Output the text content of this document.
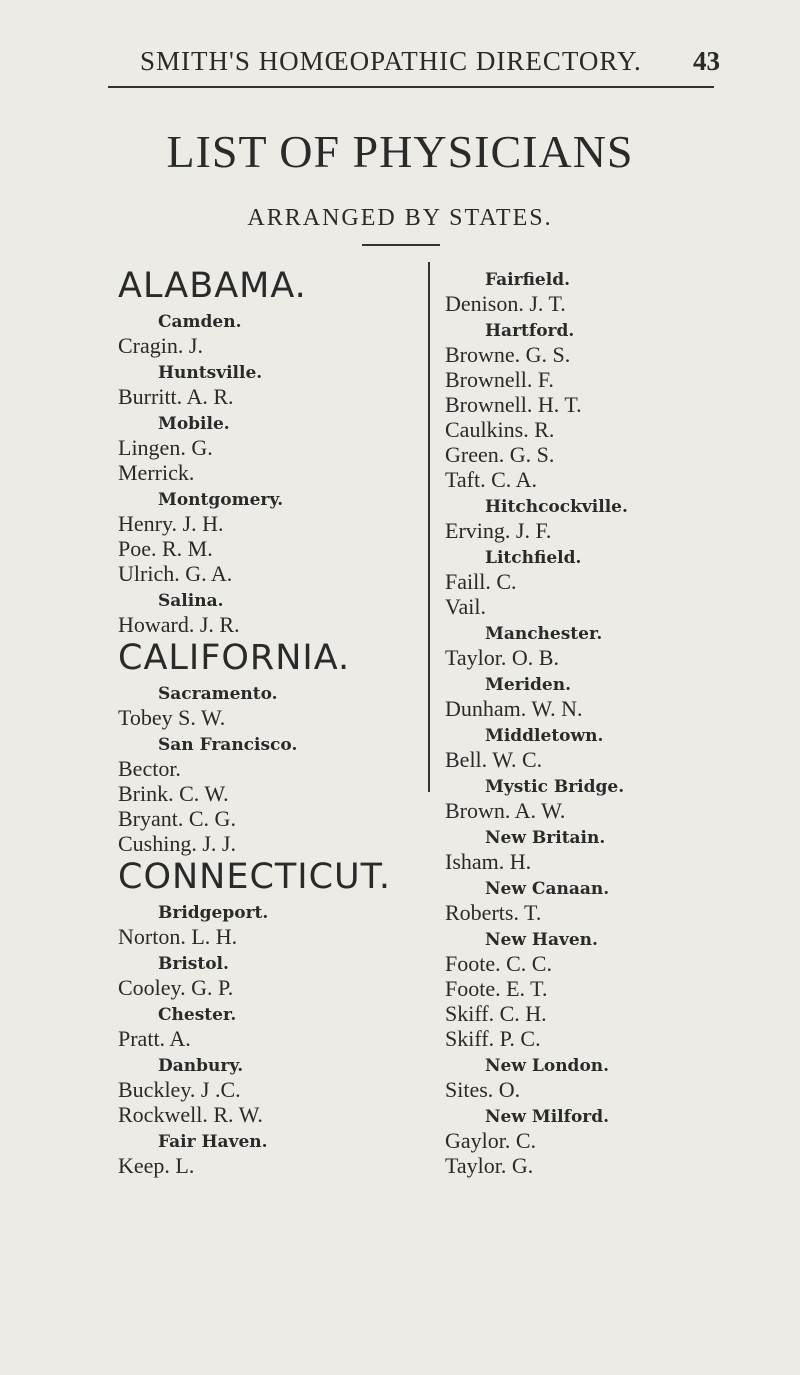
SMITH'S HOMŒOPATHIC DIRECTORY. 43
LIST OF PHYSICIANS
ARRANGED BY STATES.
ALABAMA.
Camden.
Cragin. J.
Huntsville.
Burritt. A. R.
Mobile.
Lingen. G.
Merrick.
Montgomery.
Henry. J. H.
Poe. R. M.
Ulrich. G. A.
Salina.
Howard. J. R.
CALIFORNIA.
Sacramento.
Tobey S. W.
San Francisco.
Bector.
Brink. C. W.
Bryant. C. G.
Cushing. J. J.
CONNECTICUT.
Bridgeport.
Norton. L. H.
Bristol.
Cooley. G. P.
Chester.
Pratt. A.
Danbury.
Buckley. J .C.
Rockwell. R. W.
Fair Haven.
Keep. L.
Fairfield.
Denison. J. T.
Hartford.
Browne. G. S.
Brownell. F.
Brownell. H. T.
Caulkins. R.
Green. G. S.
Taft. C. A.
Hitchcockville.
Erving. J. F.
Litchfield.
Faill. C.
Vail.
Manchester.
Taylor. O. B.
Meriden.
Dunham. W. N.
Middletown.
Bell. W. C.
Mystic Bridge.
Brown. A. W.
New Britain.
Isham. H.
New Canaan.
Roberts. T.
New Haven.
Foote. C. C.
Foote. E. T.
Skiff. C. H.
Skiff. P. C.
New London.
Sites. O.
New Milford.
Gaylor. C.
Taylor. G.
